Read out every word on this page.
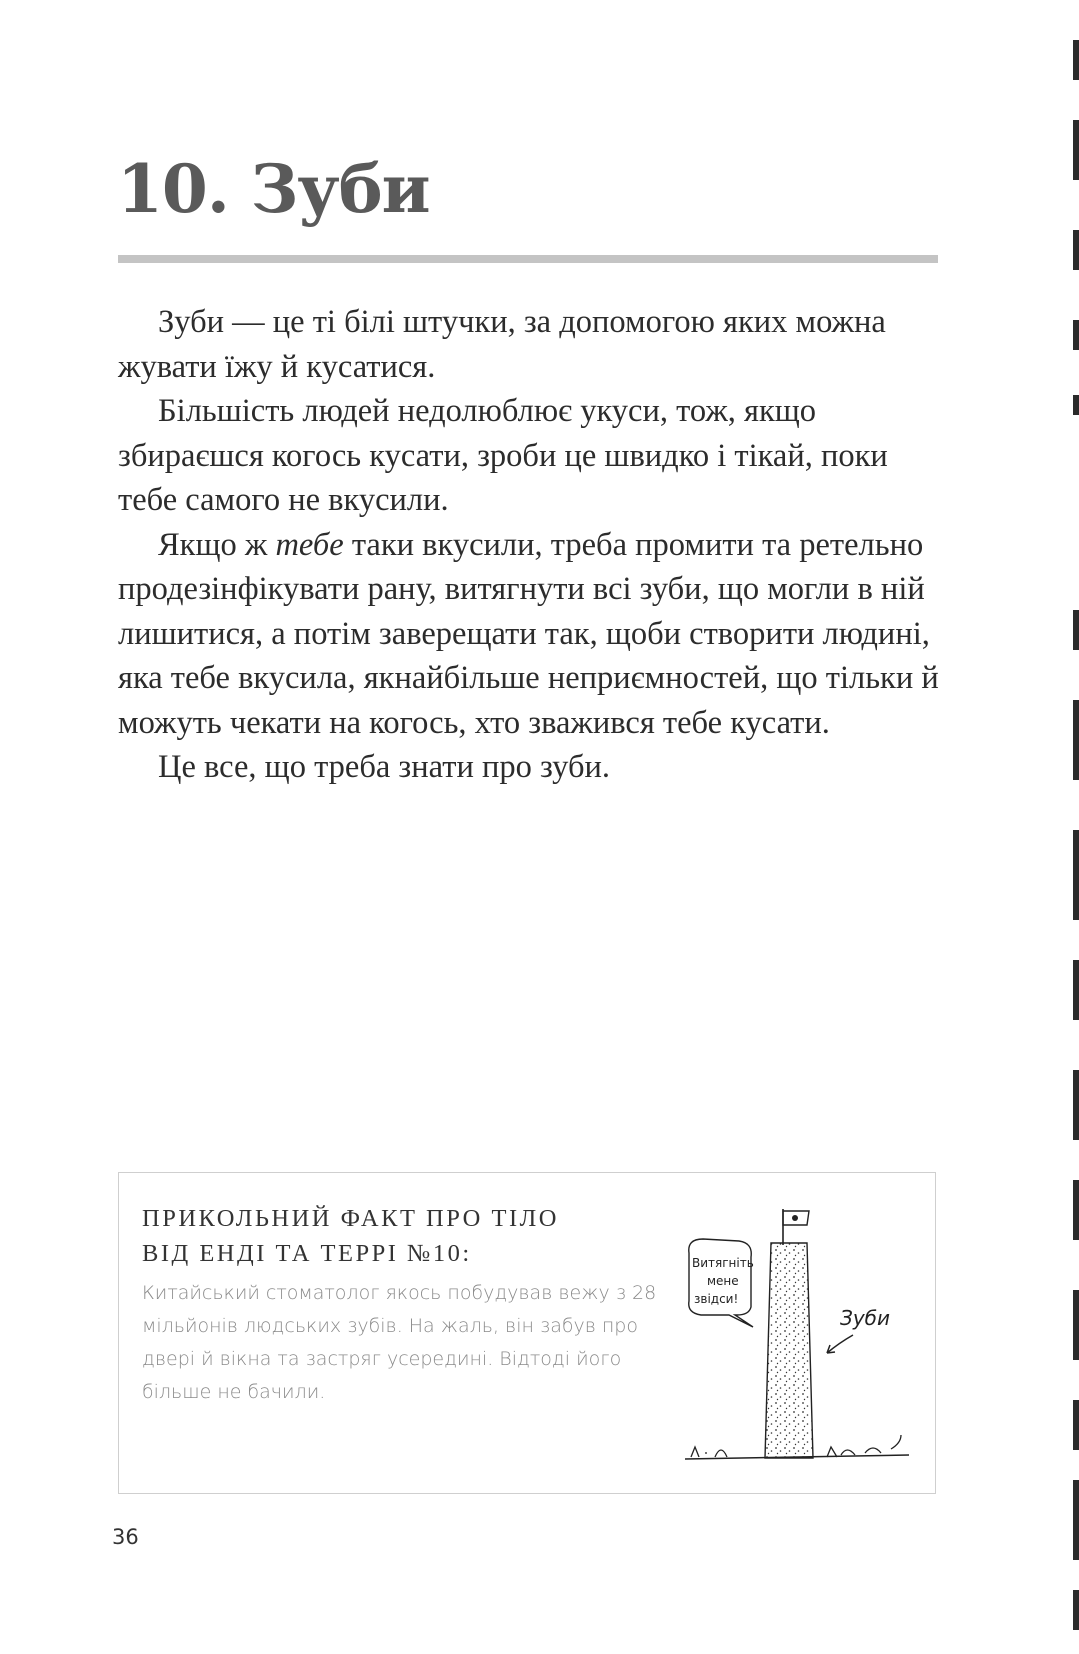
10. Зуби

Зуби — це ті білі штучки, за допомогою яких можна жувати їжу й кусатися.

Більшість людей недолюблює укуси, тож, якщо збираєшся когось кусати, зроби це швидко і тікай, поки тебе самого не вкусили.

Якщо ж тебе таки вкусили, треба промити та ретельно продезінфікувати рану, витягнути всі зуби, що могли в ній лишитися, а потім заверещати так, щоби створити людині, яка тебе вкусила, якнайбільше неприємностей, що тільки й можуть чекати на когось, хто зважився тебе кусати.

Це все, що треба знати про зуби.

ПРИКОЛЬНИЙ ФАКТ ПРО ТІЛО
ВІД ЕНДІ ТА ТЕРРІ №10:
Китайський стоматолог якось побудував вежу з 28 мільйонів людських зубів. На жаль, він забув про двері й вікна та застряг усередині. Відтоді його більше не бачили.
Витягніть
мене
звідси!
Зуби
36
